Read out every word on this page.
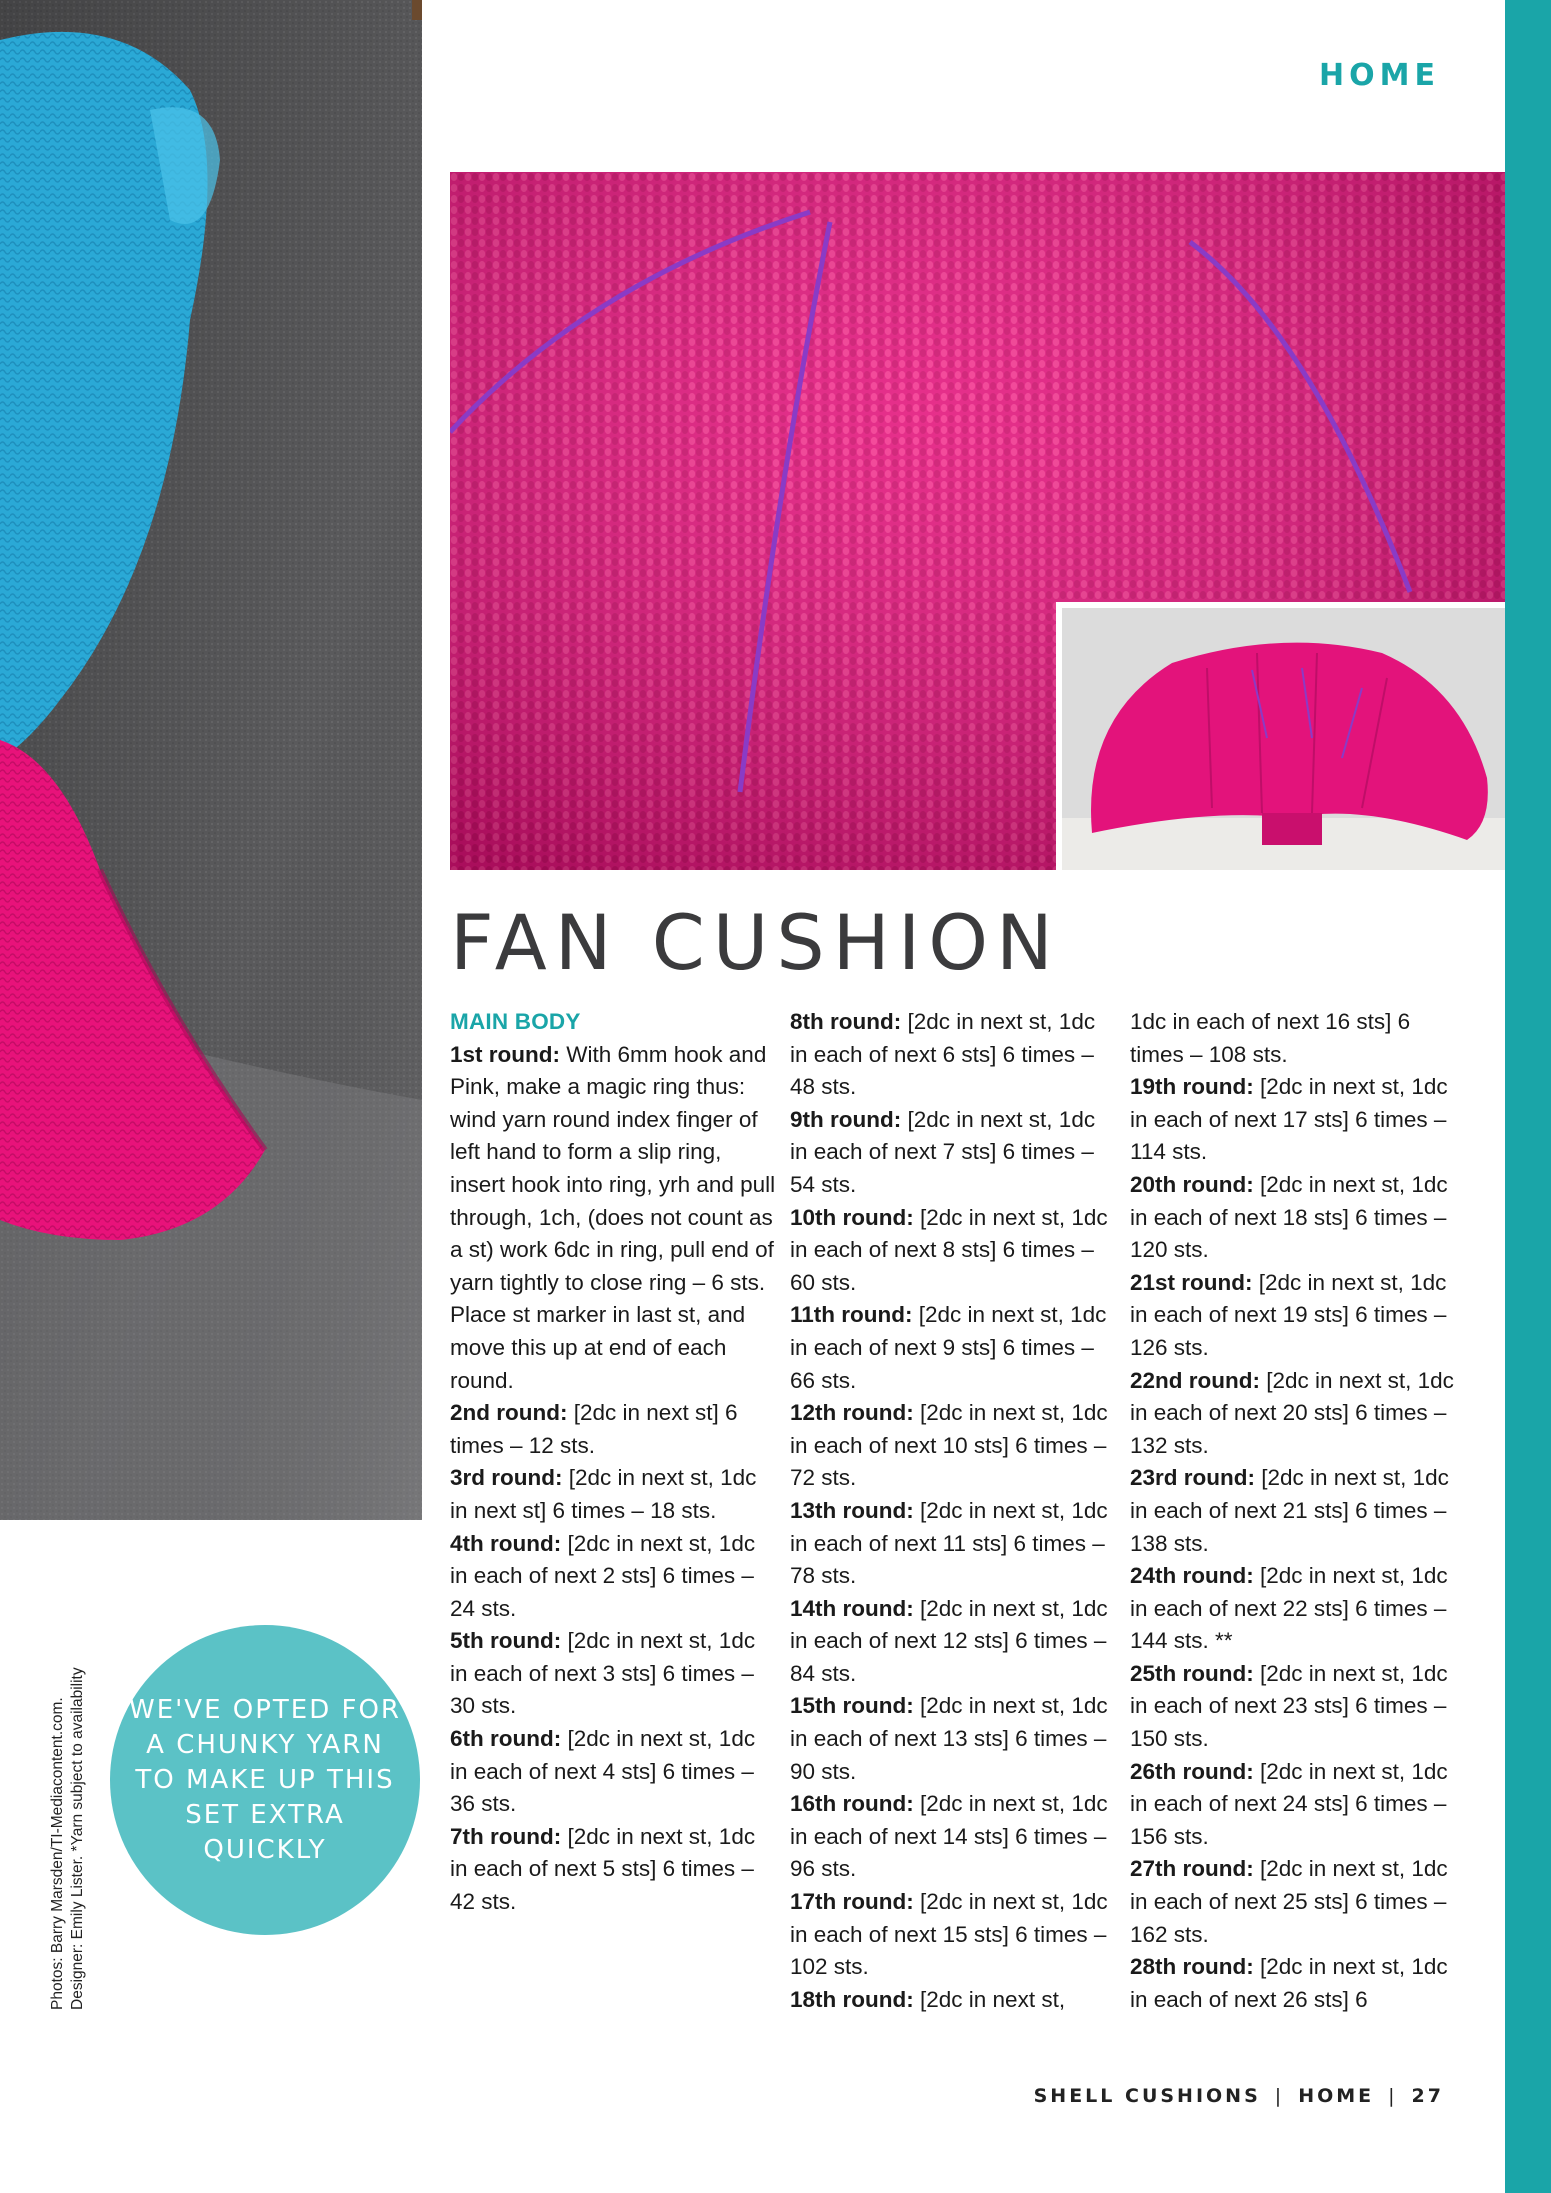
HOME
FAN CUSHION

MAIN BODY

1st round: With 6mm hook and Pink, make a magic ring thus: wind yarn round index finger of left hand to form a slip ring, insert hook into ring, yrh and pull through, 1ch, (does not count as a st) work 6dc in ring, pull end of yarn tightly to close ring – 6 sts.

Place st marker in last st, and move this up at end of each round.

2nd round: [2dc in next st] 6 times – 12 sts.

3rd round: [2dc in next st, 1dc in next st] 6 times – 18 sts.

4th round: [2dc in next st, 1dc in each of next 2 sts] 6 times – 24 sts.

5th round: [2dc in next st, 1dc in each of next 3 sts] 6 times – 30 sts.

6th round: [2dc in next st, 1dc in each of next 4 sts] 6 times – 36 sts.

7th round: [2dc in next st, 1dc in each of next 5 sts] 6 times – 42 sts.

8th round: [2dc in next st, 1dc in each of next 6 sts] 6 times – 48 sts.

9th round: [2dc in next st, 1dc in each of next 7 sts] 6 times – 54 sts.

10th round: [2dc in next st, 1dc in each of next 8 sts] 6 times – 60 sts.

11th round: [2dc in next st, 1dc in each of next 9 sts] 6 times – 66 sts.

12th round: [2dc in next st, 1dc in each of next 10 sts] 6 times – 72 sts.

13th round: [2dc in next st, 1dc in each of next 11 sts] 6 times – 78 sts.

14th round: [2dc in next st, 1dc in each of next 12 sts] 6 times – 84 sts.

15th round: [2dc in next st, 1dc in each of next 13 sts] 6 times – 90 sts.

16th round: [2dc in next st, 1dc in each of next 14 sts] 6 times – 96 sts.

17th round: [2dc in next st, 1dc in each of next 15 sts] 6 times – 102 sts.

18th round: [2dc in next st,

1dc in each of next 16 sts] 6 times – 108 sts.

19th round: [2dc in next st, 1dc in each of next 17 sts] 6 times – 114 sts.

20th round: [2dc in next st, 1dc in each of next 18 sts] 6 times – 120 sts.

21st round: [2dc in next st, 1dc in each of next 19 sts] 6 times – 126 sts.

22nd round: [2dc in next st, 1dc in each of next 20 sts] 6 times – 132 sts.

23rd round: [2dc in next st, 1dc in each of next 21 sts] 6 times – 138 sts.

24th round: [2dc in next st, 1dc in each of next 22 sts] 6 times – 144 sts. **

25th round: [2dc in next st, 1dc in each of next 23 sts] 6 times – 150 sts.

26th round: [2dc in next st, 1dc in each of next 24 sts] 6 times – 156 sts.

27th round: [2dc in next st, 1dc in each of next 25 sts] 6 times – 162 sts.

28th round: [2dc in next st, 1dc in each of next 26 sts] 6

WE'VE OPTED FOR A CHUNKY YARN TO MAKE UP THIS SET EXTRA QUICKLY
Photos: Barry Marsden/TI-Mediacontent.com. Designer: Emily Lister. *Yarn subject to availability
SHELL CUSHIONS | HOME | 27
